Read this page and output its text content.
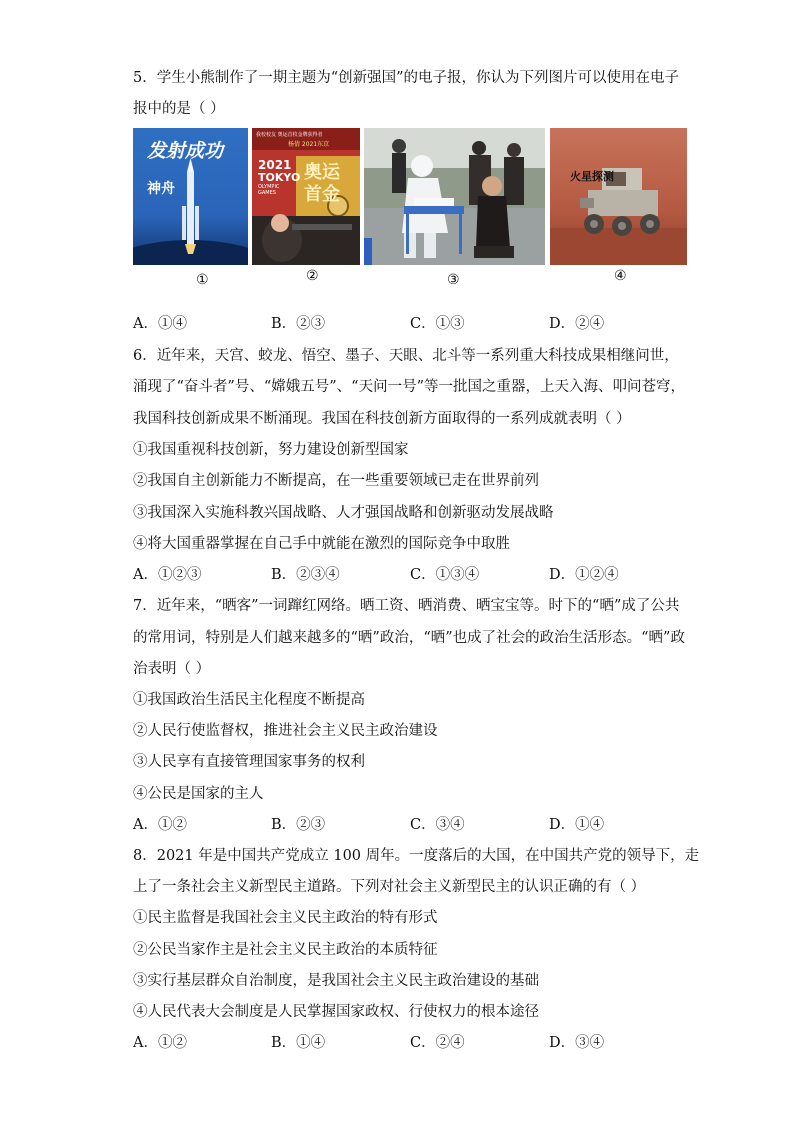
5．学生小熊制作了一期主题为“创新强国”的电子报，你认为下列图片可以使用在电子
报中的是（ ）
发射成功
神舟
①
我校校友 奥运首枚金牌获得者
杨倩 2021东京
2021
TOKYO
OLYMPIC
GAMES
奥运
首金
②	③
火星探测
④
A．①④	B．②③	C．①③	D．②④
6．近年来，天宫、蛟龙、悟空、墨子、天眼、北斗等一系列重大科技成果相继问世，
涌现了“奋斗者”号、“嫦娥五号”、“天问一号”等一批国之重器，上天入海、叩问苍穹，
我国科技创新成果不断涌现。我国在科技创新方面取得的一系列成就表明（ ）
①我国重视科技创新，努力建设创新型国家
②我国自主创新能力不断提高，在一些重要领域已走在世界前列
③我国深入实施科教兴国战略、人才强国战略和创新驱动发展战略
④将大国重器掌握在自己手中就能在激烈的国际竞争中取胜
A．①②③	B．②③④	C．①③④	D．①②④
7．近年来，“晒客”一词蹿红网络。晒工资、晒消费、晒宝宝等。时下的“晒”成了公共
的常用词，特别是人们越来越多的“晒”政治，“晒”也成了社会的政治生活形态。“晒”政
治表明（ ）
①我国政治生活民主化程度不断提高
②人民行使监督权，推进社会主义民主政治建设
③人民享有直接管理国家事务的权利
④公民是国家的主人
A．①②	B．②③	C．③④	D．①④
8．2021 年是中国共产党成立 100 周年。一度落后的大国，在中国共产党的领导下，走
上了一条社会主义新型民主道路。下列对社会主义新型民主的认识正确的有（ ）
①民主监督是我国社会主义民主政治的特有形式
②公民当家作主是社会主义民主政治的本质特征
③实行基层群众自治制度，是我国社会主义民主政治建设的基础
④人民代表大会制度是人民掌握国家政权、行使权力的根本途径
A．①②	B．①④	C．②④	D．③④
